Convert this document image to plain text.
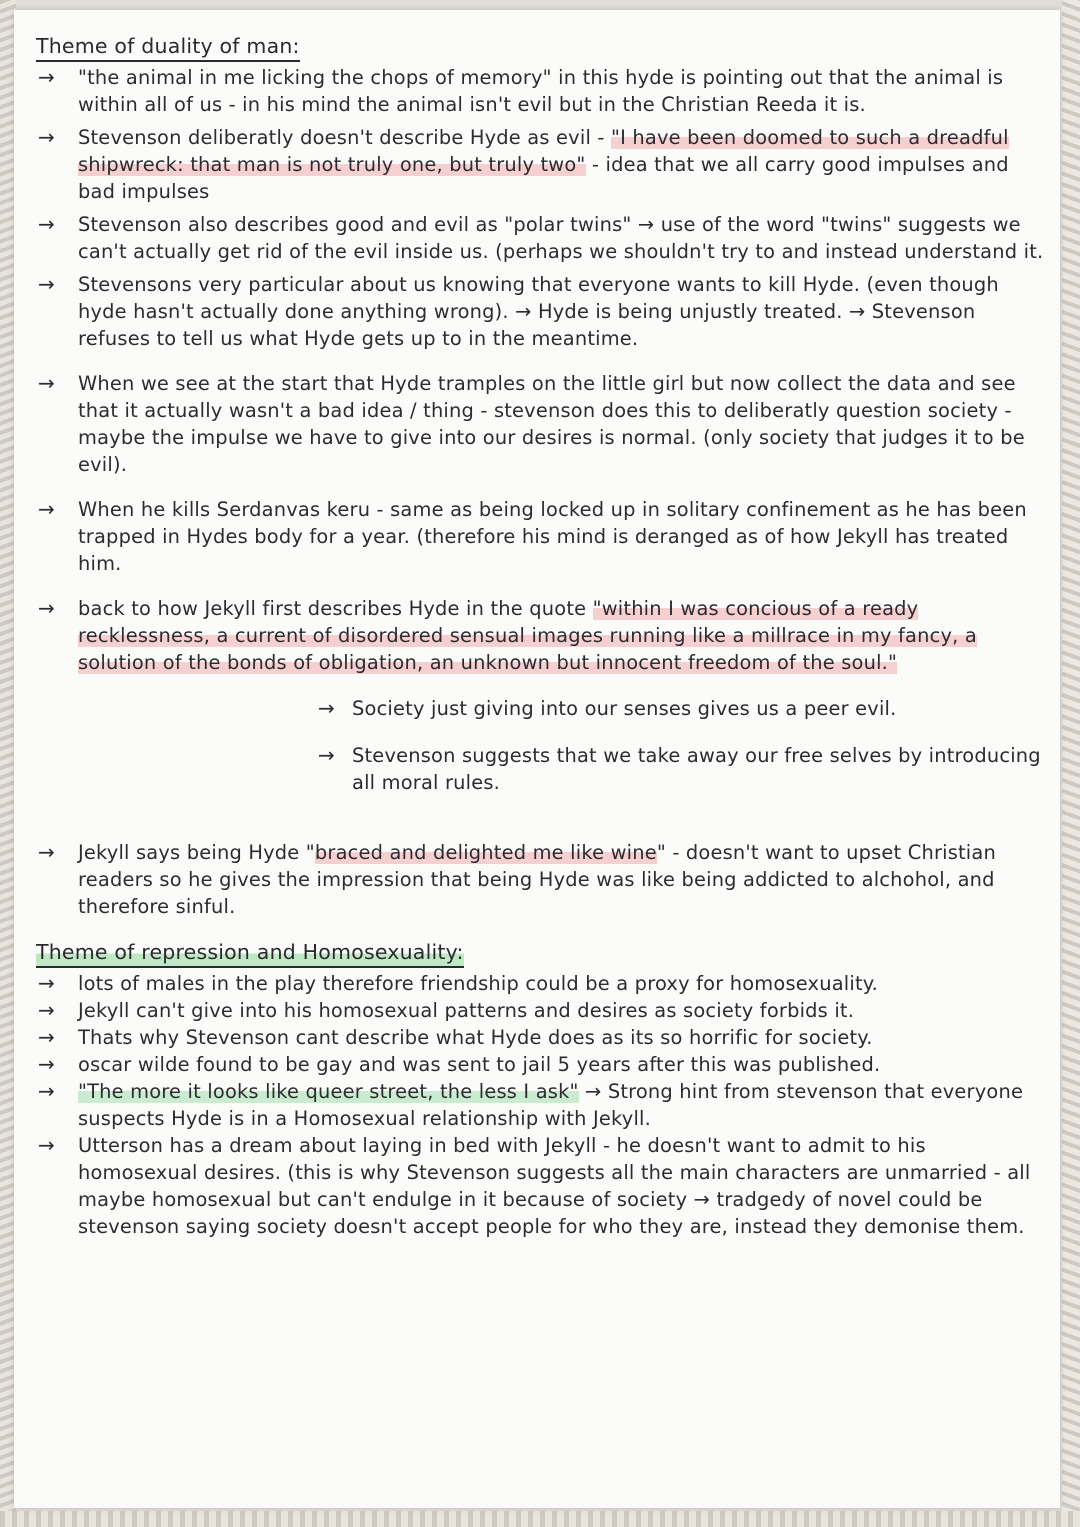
Theme of duality of man:

→ "the animal in me licking the chops of memory" in this hyde is pointing out that the animal is within all of us - in his mind the animal isn't evil but in the Christian Reeda it is.

→ Stevenson deliberatly doesn't describe Hyde as evil - "I have been doomed to such a dreadful shipwreck: that man is not truly one, but truly two" - idea that we all carry good impulses and bad impulses

→ Stevenson also describes good and evil as "polar twins" → use of the word "twins" suggests we can't actually get rid of the evil inside us. (perhaps we shouldn't try to and instead understand it.

→ Stevensons very particular about us knowing that everyone wants to kill Hyde. (even though hyde hasn't actually done anything wrong). → Hyde is being unjustly treated. → Stevenson refuses to tell us what Hyde gets up to in the meantime.

→ When we see at the start that Hyde tramples on the little girl but now collect the data and see that it actually wasn't a bad idea / thing - stevenson does this to deliberatly question society - maybe the impulse we have to give into our desires is normal. (only society that judges it to be evil).

→ When he kills Serdanvas keru - same as being locked up in solitary confinement as he has been trapped in Hydes body for a year. (therefore his mind is deranged as of how Jekyll has treated him.

→ back to how Jekyll first describes Hyde in the quote "within I was concious of a ready recklessness, a current of disordered sensual images running like a millrace in my fancy, a solution of the bonds of obligation, an unknown but innocent freedom of the soul."

→ Society just giving into our senses gives us a peer evil.

→ Stevenson suggests that we take away our free selves by introducing all moral rules.

→ Jekyll says being Hyde "braced and delighted me like wine" - doesn't want to upset Christian readers so he gives the impression that being Hyde was like being addicted to alchohol, and therefore sinful.

Theme of repression and Homosexuality:

→ lots of males in the play therefore friendship could be a proxy for homosexuality.

→ Jekyll can't give into his homosexual patterns and desires as society forbids it.

→ Thats why Stevenson cant describe what Hyde does as its so horrific for society.

→ oscar wilde found to be gay and was sent to jail 5 years after this was published.

→ "The more it looks like queer street, the less I ask" → Strong hint from stevenson that everyone suspects Hyde is in a Homosexual relationship with Jekyll.

→ Utterson has a dream about laying in bed with Jekyll - he doesn't want to admit to his homosexual desires. (this is why Stevenson suggests all the main characters are unmarried - all maybe homosexual but can't endulge in it because of society → tradgedy of novel could be stevenson saying society doesn't accept people for who they are, instead they demonise them.
